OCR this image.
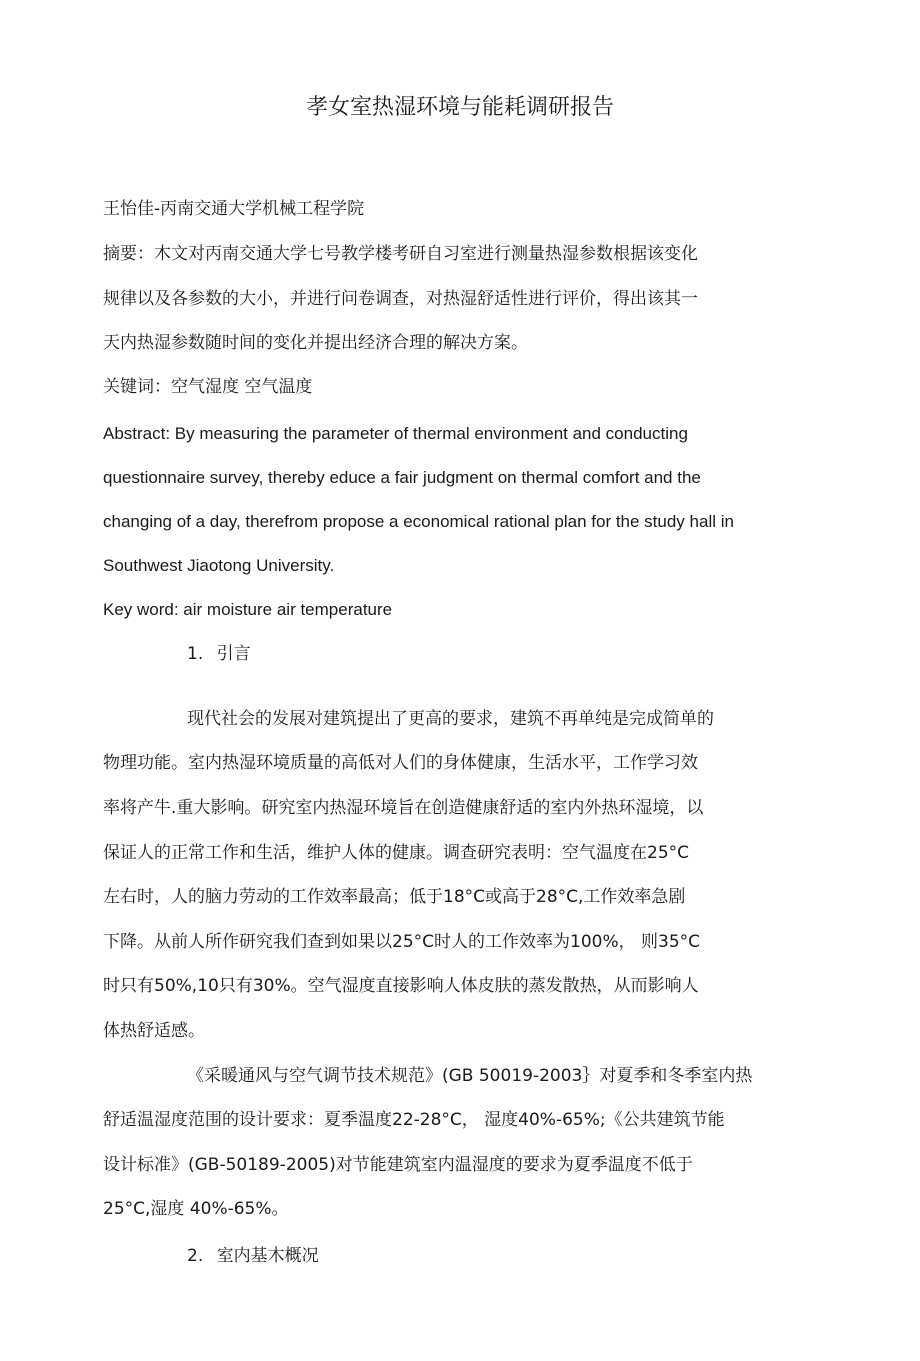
孝女室热湿环境与能耗调研报告
王怡佳-丙南交通大学机械工程学院
摘要：木文对丙南交通大学七号教学楼考研自习室进行测量热湿参数根据该变化
规律以及各参数的大小，并进行问卷调查，对热湿舒适性进行评价，得出该其一
天内热湿参数随时间的变化并提出经济合理的解决方案。
关键词：空气湿度 空气温度
Abstract: By measuring the parameter of thermal environment and conducting
questionnaire survey, thereby educe a fair judgment on thermal comfort and the
changing of a day, therefrom propose a economical rational plan for the study hall in
Southwest Jiaotong University.
Key word: air moisture air temperature
1. 引言
现代社会的发展对建筑提出了更高的要求，建筑不再单纯是完成简单的
物理功能。室内热湿环境质量的高低对人们的身体健康，生活水平，工作学习效
率将产牛.重大影响。研究室内热湿环境旨在创造健康舒适的室内外热环湿境，以
保证人的正常工作和生活，维护人体的健康。调查研究表明：空气温度在25°C
左右时，人的脑力劳动的工作效率最高；低于18°C或高于28°C,工作效率急剧
下降。从前人所作研究我们查到如果以25°C时人的工作效率为100%， 则35°C
时只有50%,10只有30%。空气湿度直接影响人体皮肤的蒸发散热，从而影响人
体热舒适感。
《采暖通风与空气调节技术规范》(GB 50019-2003｝对夏季和冬季室内热
舒适温湿度范围的设计要求：夏季温度22-28°C， 湿度40%-65%;《公共建筑节能
设计标准》(GB-50189-2005)对节能建筑室内温湿度的要求为夏季温度不低于
25°C,湿度 40%-65%。
2. 室内基木概况
